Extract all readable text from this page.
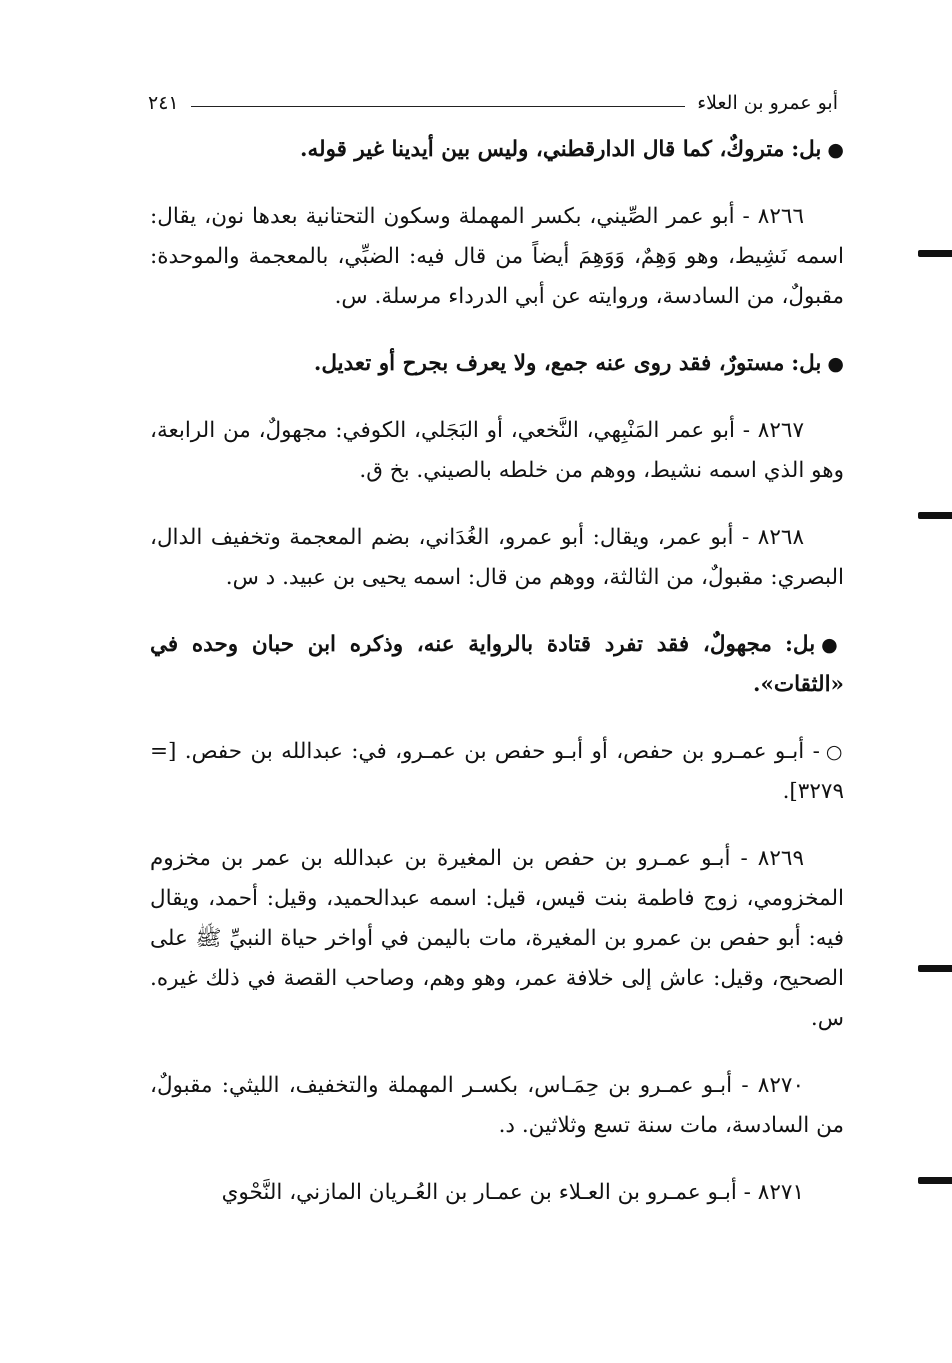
أبو عمرو بن العلاء
٢٤١

● بل: متروكٌ، كما قال الدارقطني، وليس بين أيدينا غير قوله.

٨٢٦٦ - أبو عمر الصِّيني، بكسر المهملة وسكون التحتانية بعدها نون، يقال: اسمه نَشِيط، وهو وَهِمٌ، وَوَهِمَ أيضاً من قال فيه: الضبِّي، بالمعجمة والموحدة: مقبولٌ، من السادسة، وروايته عن أبي الدرداء مرسلة. س.

● بل: مستورٌ، فقد روى عنه جمع، ولا يعرف بجرح أو تعديل.

٨٢٦٧ - أبو عمر المَنْبِهي، النَّخعي، أو البَجَلي، الكوفي: مجهولٌ، من الرابعة، وهو الذي اسمه نشيط، ووهم من خلطه بالصيني. بخ ق.

٨٢٦٨ - أبو عمر، ويقال: أبو عمرو، الغُدَاني، بضم المعجمة وتخفيف الدال، البصري: مقبولٌ، من الثالثة، ووهم من قال: اسمه يحيى بن عبيد. د س.

● بل: مجهولٌ، فقد تفرد قتادة بالرواية عنه، وذكره ابن حبان وحده في «الثقات».

○ - أبـو عمـرو بن حفص، أو أبـو حفص بن عمـرو، في: عبدالله بن حفص. [= ٣٢٧٩].

٨٢٦٩ - أبـو عمـرو بن حفص بن المغيرة بن عبدالله بن عمر بن مخزوم المخزومي، زوج فاطمة بنت قيس، قيل: اسمه عبدالحميد، وقيل: أحمد، ويقال فيه: أبو حفص بن عمرو بن المغيرة، مات باليمن في أواخر حياة النبيِّ ﷺ على الصحيح، وقيل: عاش إلى خلافة عمر، وهو وهم، وصاحب القصة في ذلك غيره. س.

٨٢٧٠ - أبـو عمـرو بن حِمَـاس، بكسـر المهملة والتخفيف، الليثي: مقبولٌ، من السادسة، مات سنة تسع وثلاثين. د.

٨٢٧١ - أبـو عمـرو بن العـلاء بن عمـار بن العُـريان المازني، النَّحْوي
